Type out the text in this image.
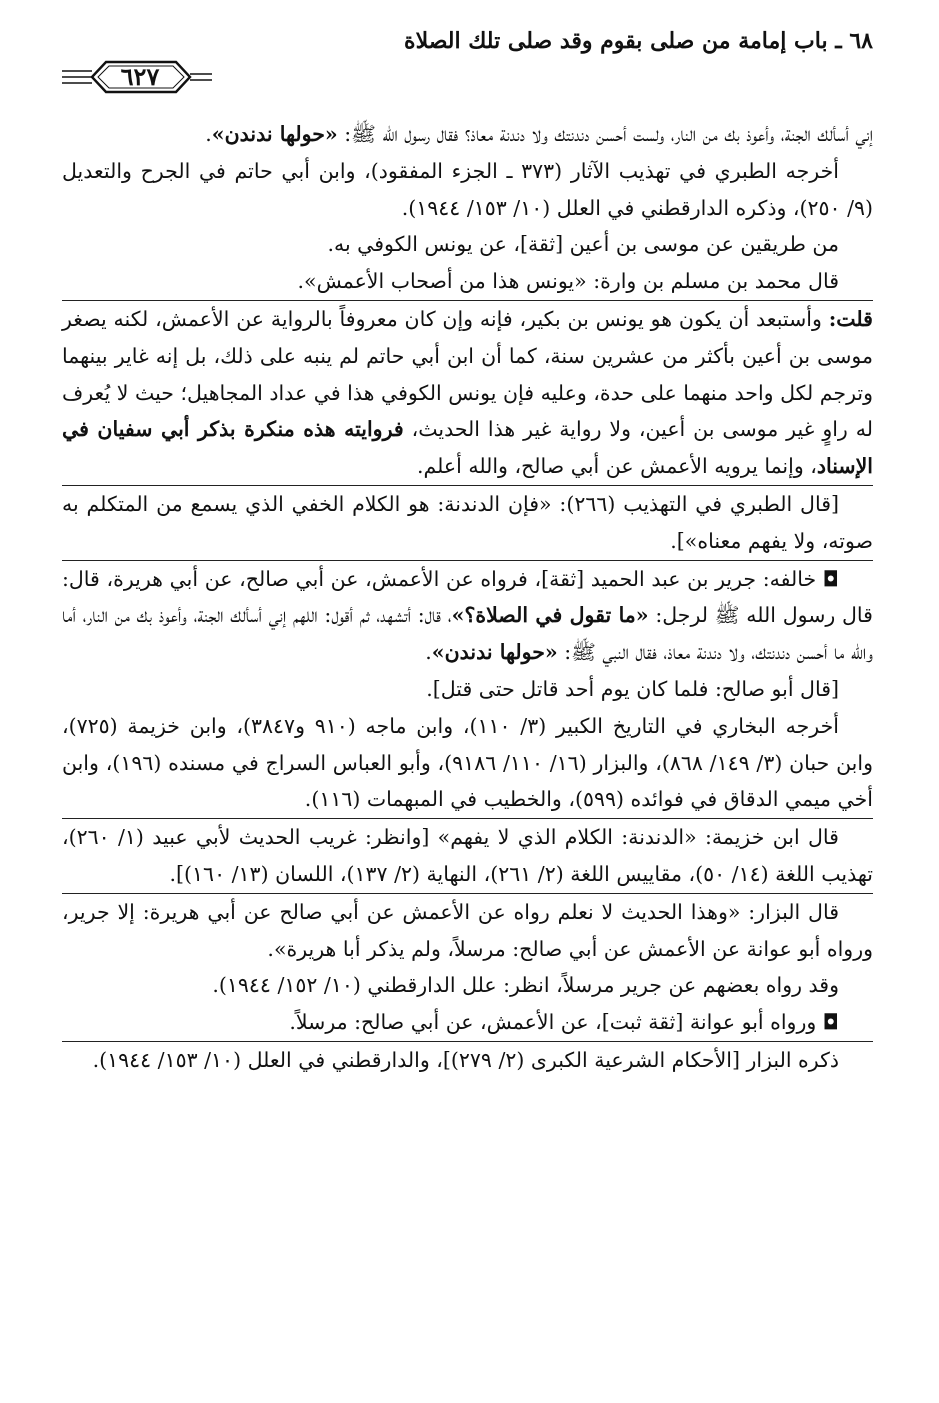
٦٨ ـ باب إمامة من صلى بقوم وقد صلى تلك الصلاة
٦٢٧

إني أسألك الجنة، وأعوذ بك من النار، ولست أحسن دندنتك ولا دندنة معاذ؟ فقال رسول الله ﷺ: «حولها ندندن».

أخرجه الطبري في تهذيب الآثار (٣٧٣ ـ الجزء المفقود)، وابن أبي حاتم في الجرح والتعديل (٩/ ٢٥٠)، وذكره الدارقطني في العلل (١٠/ ١٥٣/ ١٩٤٤).

من طريقين عن موسى بن أعين [ثقة]، عن يونس الكوفي به.

قال محمد بن مسلم بن وارة: «يونس هذا من أصحاب الأعمش».

قلت: وأستبعد أن يكون هو يونس بن بكير، فإنه وإن كان معروفاً بالرواية عن الأعمش، لكنه يصغر موسى بن أعين بأكثر من عشرين سنة، كما أن ابن أبي حاتم لم ينبه على ذلك، بل إنه غاير بينهما وترجم لكل واحد منهما على حدة، وعليه فإن يونس الكوفي هذا في عداد المجاهيل؛ حيث لا يُعرف له راوٍ غير موسى بن أعين، ولا رواية غير هذا الحديث، فروايته هذه منكرة بذكر أبي سفيان في الإسناد، وإنما يرويه الأعمش عن أبي صالح، والله أعلم.

[قال الطبري في التهذيب (٢٦٦): «فإن الدندنة: هو الكلام الخفي الذي يسمع من المتكلم به صوته، ولا يفهم معناه»].

◘ خالفه: جرير بن عبد الحميد [ثقة]، فرواه عن الأعمش، عن أبي صالح، عن أبي هريرة، قال: قال رسول الله ﷺ لرجل: «ما تقول في الصلاة؟»، قال: أتشهد، ثم أقول: اللهم إني أسألك الجنة، وأعوذ بك من النار، أما والله ما أحسن دندنتك، ولا دندنة معاذ، فقال النبي ﷺ: «حولها ندندن».

[قال أبو صالح: فلما كان يوم أحد قاتل حتى قتل].

أخرجه البخاري في التاريخ الكبير (٣/ ١١٠)، وابن ماجه (٩١٠ و٣٨٤٧)، وابن خزيمة (٧٢٥)، وابن حبان (٣/ ١٤٩/ ٨٦٨)، والبزار (١٦/ ١١٠/ ٩١٨٦)، وأبو العباس السراج في مسنده (١٩٦)، وابن أخي ميمي الدقاق في فوائده (٥٩٩)، والخطيب في المبهمات (١١٦).

قال ابن خزيمة: «الدندنة: الكلام الذي لا يفهم» [وانظر: غريب الحديث لأبي عبيد (١/ ٢٦٠)، تهذيب اللغة (١٤/ ٥٠)، مقاييس اللغة (٢/ ٢٦١)، النهاية (٢/ ١٣٧)، اللسان (١٣/ ١٦٠)].

قال البزار: «وهذا الحديث لا نعلم رواه عن الأعمش عن أبي صالح عن أبي هريرة: إلا جرير، ورواه أبو عوانة عن الأعمش عن أبي صالح: مرسلاً، ولم يذكر أبا هريرة».

وقد رواه بعضهم عن جرير مرسلاً، انظر: علل الدارقطني (١٠/ ١٥٢/ ١٩٤٤).

◘ ورواه أبو عوانة [ثقة ثبت]، عن الأعمش، عن أبي صالح: مرسلاً.

ذكره البزار [الأحكام الشرعية الكبرى (٢/ ٢٧٩)]، والدارقطني في العلل (١٠/ ١٥٣/ ١٩٤٤).
